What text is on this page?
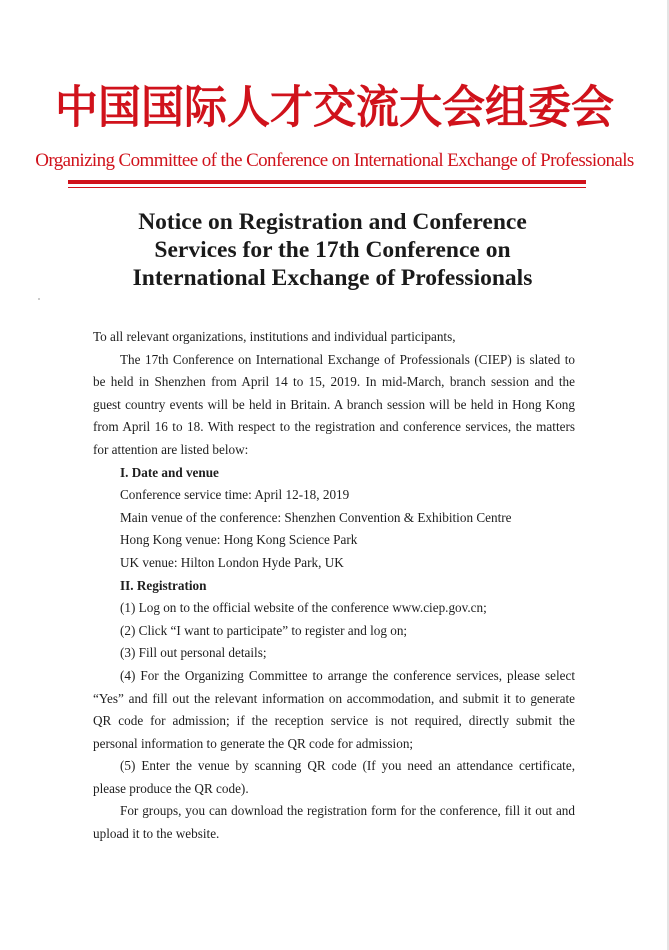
中国国际人才交流大会组委会
Organizing Committee of the Conference on International Exchange of Professionals
Notice on Registration and Conference
Services for the 17th Conference on
International Exchange of Professionals

To all relevant organizations, institutions and individual participants,

The 17th Conference on International Exchange of Professionals (CIEP) is slated to be held in Shenzhen from April 14 to 15, 2019. In mid-March, branch session and the guest country events will be held in Britain. A branch session will be held in Hong Kong from April 16 to 18. With respect to the registration and conference services, the matters for attention are listed below:

I. Date and venue

Conference service time: April 12-18, 2019

Main venue of the conference: Shenzhen Convention & Exhibition Centre

Hong Kong venue: Hong Kong Science Park

UK venue: Hilton London Hyde Park, UK

II. Registration

(1) Log on to the official website of the conference www.ciep.gov.cn;

(2) Click “I want to participate” to register and log on;

(3) Fill out personal details;

(4) For the Organizing Committee to arrange the conference services, please select “Yes” and fill out the relevant information on accommodation, and submit it to generate QR code for admission; if the reception service is not required, directly submit the personal information to generate the QR code for admission;

(5) Enter the venue by scanning QR code (If you need an attendance certificate, please produce the QR code).

For groups, you can download the registration form for the conference, fill it out and upload it to the website.
